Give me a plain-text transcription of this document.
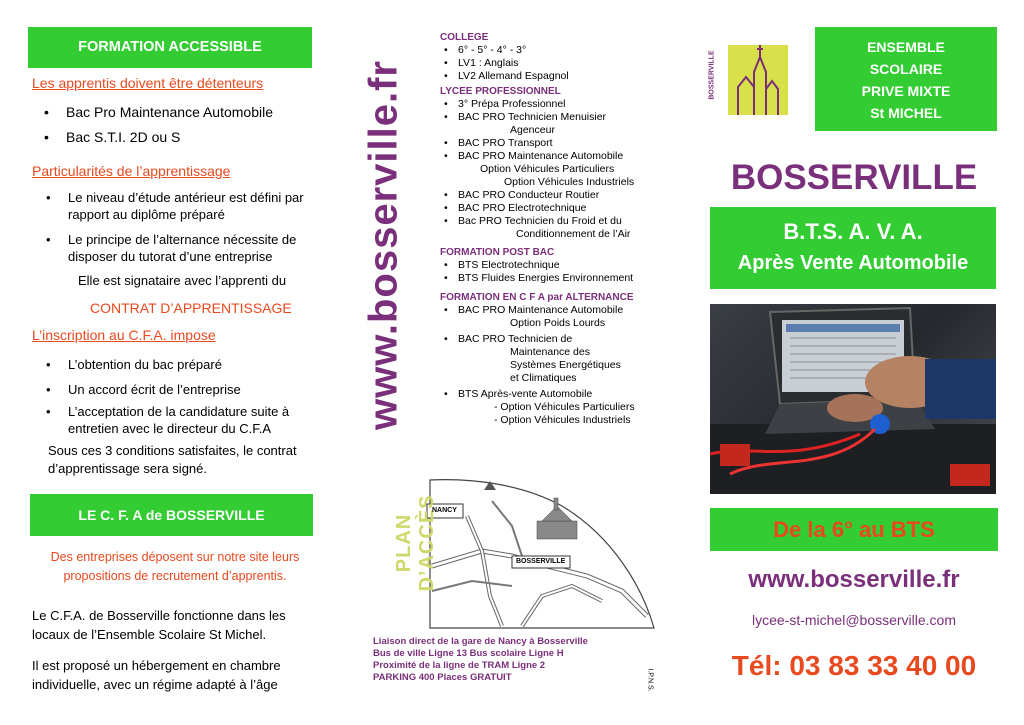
FORMATION ACCESSIBLE
Les apprentis doivent être détenteurs
• Bac Pro Maintenance Automobile
• Bac S.T.I. 2D ou S
Particularités de l’apprentissage
• Le niveau d’étude antérieur est défini par rapport au diplôme préparé
• Le principe de l’alternance nécessite de disposer du tutorat d’une entreprise
Elle est signataire avec l’apprenti du
CONTRAT D’APPRENTISSAGE
L’inscription au C.F.A. impose
• L’obtention du bac préparé
• Un accord écrit de l’entreprise
• L’acceptation de la candidature suite à entretien avec le directeur du C.F.A
Sous ces 3 conditions satisfaites, le contrat d’apprentissage sera signé.
LE C. F. A de BOSSERVILLE
Des entreprises déposent sur notre site leurs propositions de recrutement d’apprentis.
Le C.F.A. de Bosserville fonctionne dans les locaux de l’Ensemble Scolaire St Michel.
Il est proposé un hébergement en chambre individuelle, avec un régime adapté à l’âge
www.bosserville.fr
COLLEGE
• 6° - 5° - 4° - 3°
• LV1 : Anglais
• LV2 Allemand Espagnol
LYCEE PROFESSIONNEL
• 3° Prépa Professionnel
• BAC PRO Technicien Menuisier
Agenceur
• BAC PRO Transport
• BAC PRO Maintenance Automobile
Option Véhicules Particuliers
Option Véhicules Industriels
• BAC PRO Conducteur Routier
• BAC PRO Electrotechnique
• Bac PRO Technicien du Froid et du
Conditionnement de l’Air
FORMATION POST BAC
• BTS Electrotechnique
• BTS Fluides Energies Environnement
FORMATION EN C F A par ALTERNANCE
• BAC PRO Maintenance Automobile
Option Poids Lourds
• BAC PRO Technicien de
Maintenance des
Systèmes Energétiques
et Climatiques
• BTS Après-vente Automobile
- Option Véhicules Particuliers
- Option Véhicules Industriels
PLAN D’ACCÈS
NANCY
BOSSERVILLE
Liaison direct de la gare de Nancy à Bosserville
Bus de ville Ligne 13 Bus scolaire Ligne H
Proximité de la ligne de TRAM Ligne 2
PARKING 400 Places GRATUIT	I.P.N.S.
BOSSERVILLE
ENSEMBLE
SCOLAIRE
PRIVE MIXTE
St MICHEL
BOSSERVILLE
B.T.S. A. V. A.
Après Vente Automobile
De la 6° au BTS
www.bosserville.fr
lycee-st-michel@bosserville.com
Tél: 03 83 33 40 00
